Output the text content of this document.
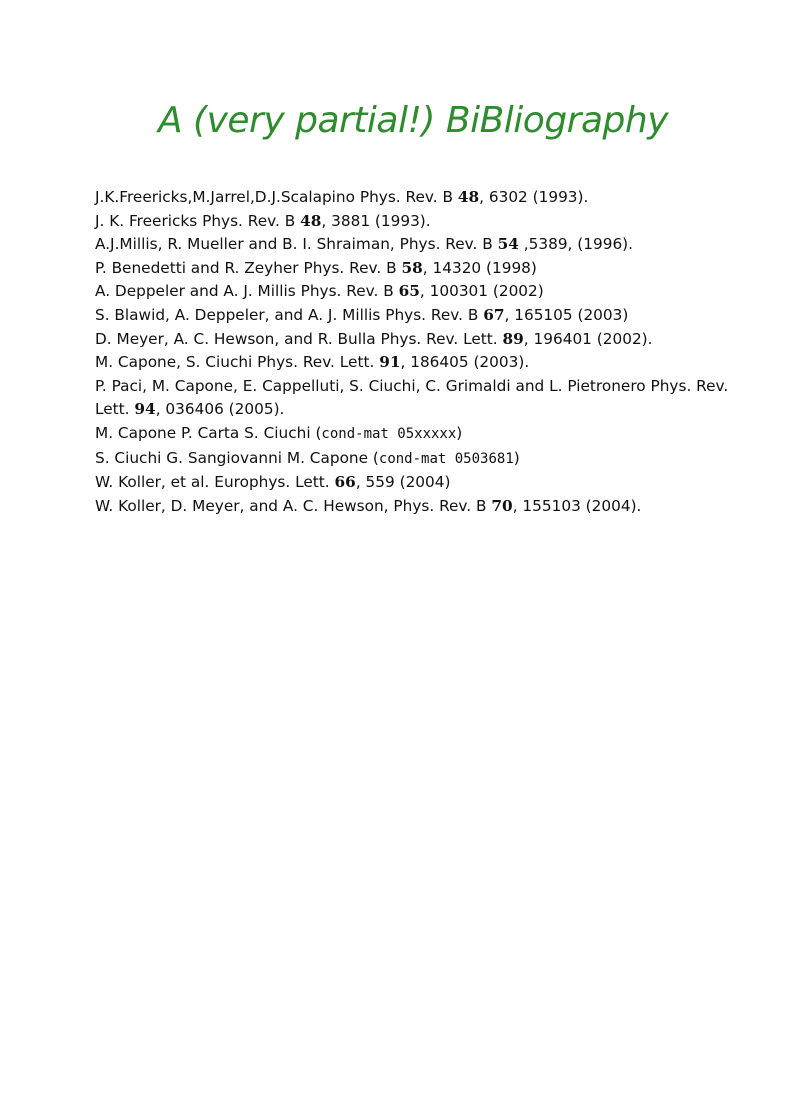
A (very partial!) BiBliography
J.K.Freericks,M.Jarrel,D.J.Scalapino Phys. Rev. B 48, 6302 (1993).
J. K. Freericks Phys. Rev. B 48, 3881 (1993).
A.J.Millis, R. Mueller and B. I. Shraiman, Phys. Rev. B 54 ,5389, (1996).
P. Benedetti and R. Zeyher Phys. Rev. B 58, 14320 (1998)
A. Deppeler and A. J. Millis Phys. Rev. B 65, 100301 (2002)
S. Blawid, A. Deppeler, and A. J. Millis Phys. Rev. B 67, 165105 (2003)
D. Meyer, A. C. Hewson, and R. Bulla Phys. Rev. Lett. 89, 196401 (2002).
M. Capone, S. Ciuchi Phys. Rev. Lett. 91, 186405 (2003).
P. Paci, M. Capone, E. Cappelluti, S. Ciuchi, C. Grimaldi and L. Pietronero Phys. Rev. Lett. 94, 036406 (2005).
M. Capone P. Carta S. Ciuchi (cond-mat 05xxxxx)
S. Ciuchi G. Sangiovanni M. Capone (cond-mat 0503681)
W. Koller, et al. Europhys. Lett. 66, 559 (2004)
W. Koller, D. Meyer, and A. C. Hewson, Phys. Rev. B 70, 155103 (2004).
